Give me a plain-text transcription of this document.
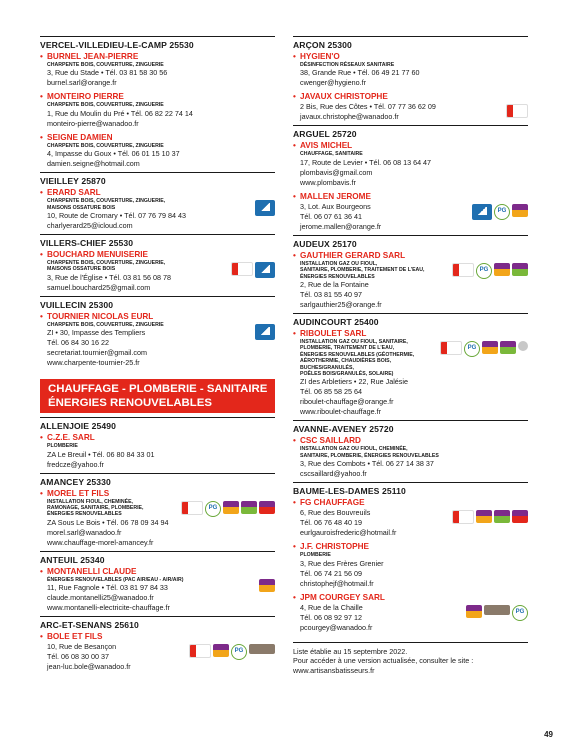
VERCEL-VILLEDIEU-LE-CAMP 25530
• BURNEL JEAN-PIERRE
CHARPENTE BOIS, COUVERTURE, ZINGUERIE
3, Rue du Stade • Tél. 03 81 58 30 56
burnel.sarl@orange.fr
• MONTEIRO PIERRE
CHARPENTE BOIS, COUVERTURE, ZINGUERIE
1, Rue du Moulin du Pré • Tél. 06 82 22 74 14
monteiro-pierre@wanadoo.fr
• SEIGNE DAMIEN
CHARPENTE BOIS, COUVERTURE, ZINGUERIE
4, Impasse du Goux • Tél. 06 01 15 10 37
damien.seigne@hotmail.com
VIEILLEY 25870
• ERARD SARL
CHARPENTE BOIS, COUVERTURE, ZINGUERIE,
MAISONS OSSATURE BOIS
10, Route de Cromary • Tél. 07 76 79 84 43
charlyerard25@icloud.com
VILLERS-CHIEF 25530
• BOUCHARD MENUISERIE
CHARPENTE BOIS, COUVERTURE, ZINGUERIE,
MAISONS OSSATURE BOIS
3, Rue de l'Église • Tél. 03 81 56 08 78
samuel.bouchard25@gmail.com
VUILLECIN 25300
• TOURNIER NICOLAS EURL
CHARPENTE BOIS, COUVERTURE, ZINGUERIE
ZI • 30, Impasse des Templiers
Tél. 06 84 30 16 22
secretariat.tournier@gmail.com
www.charpente-tournier-25.fr
CHAUFFAGE - PLOMBERIE - SANITAIRE
ÉNERGIES RENOUVELABLES
ALLENJOIE 25490
• C.Z.E. SARL
PLOMBERIE
ZA Le Breuil • Tél. 06 80 84 33 01
fredcze@yahoo.fr
AMANCEY 25330
PG
• MOREL ET FILS
INSTALLATION FIOUL, CHEMINÉE,
RAMONAGE, SANITAIRE, PLOMBERIE,
ÉNERGIES RENOUVELABLES
ZA Sous Le Bois • Tél. 06 78 09 34 94
morel.sarl@wanadoo.fr
www.chauffage-morel-amancey.fr
ANTEUIL 25340
• MONTANELLI CLAUDE
ÉNERGIES RENOUVELABLES (PAC AIR/EAU - AIR/AIR)
11, Rue Fagnole • Tél. 03 81 97 84 33
claude.montanelli25@wanadoo.fr
www.montanelli-electricite-chauffage.fr
ARC-ET-SENANS 25610
PG
• BOLE ET FILS
10, Rue de Besançon
Tél. 06 08 30 00 37
jean-luc.bole@wanadoo.fr
ARÇON 25300
• HYGIEN'O
DÉSINFECTION RÉSEAUX SANITAIRE
38, Grande Rue • Tél. 06 49 21 77 60
cwenger@hygieno.fr
• JAVAUX CHRISTOPHE
2 Bis, Rue des Côtes • Tél. 07 77 36 62 09
javaux.christophe@wanadoo.fr
ARGUEL 25720
• AVIS MICHEL
CHAUFFAGE, SANITAIRE
17, Route de Levier • Tél. 06 08 13 64 47
plombavis@gmail.com
www.plombavis.fr
PG
• MALLEN JEROME
3, Lot. Aux Bourgeons
Tél. 06 07 61 36 41
jerome.mallen@orange.fr
AUDEUX 25170
PG
• GAUTHIER GERARD SARL
INSTALLATION GAZ OU FIOUL,
SANITAIRE, PLOMBERIE, TRAITEMENT DE L'EAU,
ÉNERGIES RENOUVELABLES
2, Rue de la Fontaine
Tél. 03 81 55 40 97
sarlgauthier25@orange.fr
AUDINCOURT 25400
PG
• RIBOULET SARL
INSTALLATION GAZ OU FIOUL, SANITAIRE,
PLOMBERIE, TRAITEMENT DE L'EAU,
ÉNERGIES RENOUVELABLES (GÉOTHERMIE,
AÉROTHERMIE, CHAUDIÈRES BOIS,
BUCHES/GRANULÉS,
POÊLES BOIS/GRANULÉS, SOLAIRE)
ZI des Arbletiers • 22, Rue Jalésie
Tél. 06 85 58 25 64
riboulet-chauffage@orange.fr
www.riboulet-chauffage.fr
AVANNE-AVENEY 25720
• CSC SAILLARD
INSTALLATION GAZ OU FIOUL, CHEMINÉE,
SANITAIRE, PLOMBERIE, ÉNERGIES RENOUVELABLES
3, Rue des Combots • Tél. 06 27 14 38 37
cscsaillard@yahoo.fr
BAUME-LES-DAMES 25110
• FG CHAUFFAGE
6, Rue des Bouvreuils
Tél. 06 76 48 40 19
eurlgauroisfrederic@hotmail.fr
• J.F. CHRISTOPHE
PLOMBERIE
3, Rue des Frères Grenier
Tél. 06 74 21 56 09
christophejf@hotmail.fr
PG
• JPM COURGEY SARL
4, Rue de la Chaille
Tél. 06 08 92 97 12
pcourgey@wanadoo.fr
Liste établie au 15 septembre 2022.
Pour accéder à une version actualisée, consulter le site :
www.artisansbatisseurs.fr
49
